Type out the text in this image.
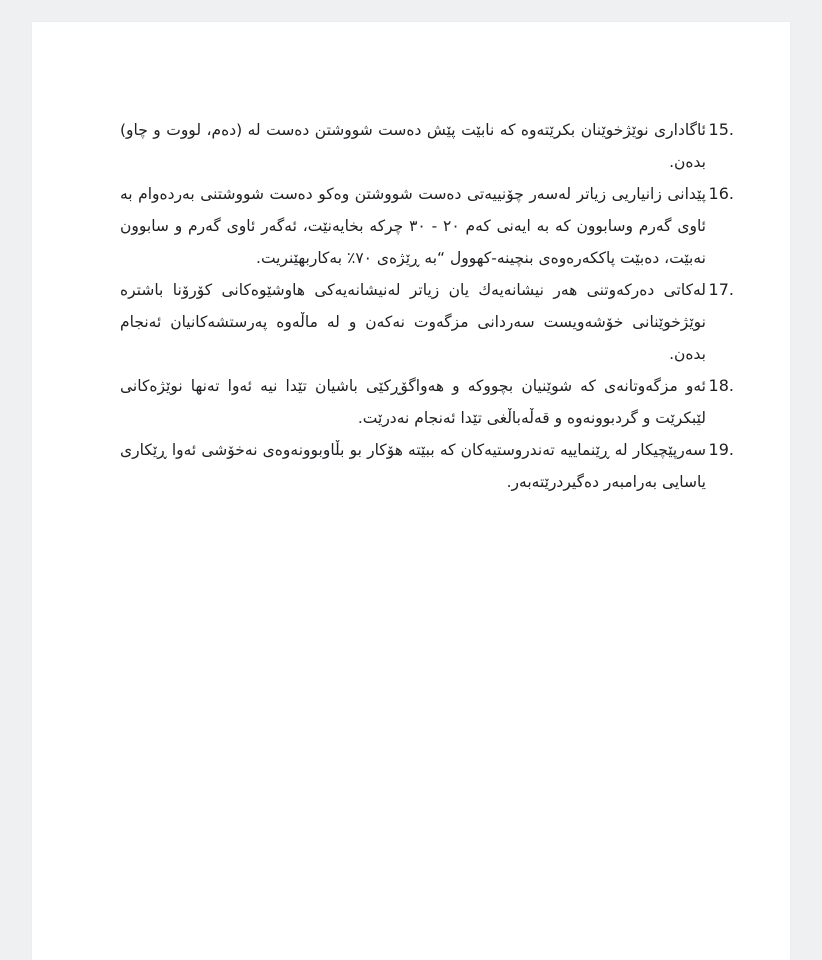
15.
ئاگاداری نوێژخوێنان بکرێتەوە کە نابێت پێش دەست شووشتن دەست لە (دەم، لووت و چاو) بدەن.
16.
پێدانی زانیاریی زیاتر لەسەر چۆنییەتی دەست شووشتن وەکو دەست شووشتنی بەردەوام بە ئاوی گەرم وسابوون کە بە ایەنی کەم ٢٠ - ٣٠ چرکە بخایەنێت، ئەگەر ئاوی گەرم و سابوون نەبێت، دەبێت پاککەرەوەی بنچینە-کهوول “بە ڕێژەی ٧٠٪ بەکاربهێنریت.
17.
لەکاتی دەرکەوتنی هەر نیشانەیەك یان زیاتر لەنیشانەیەکی هاوشێوەکانی کۆرۆنا باشترە نوێژخوێنانی خۆشەویست سەردانی مزگەوت نەکەن و لە ماڵەوە پەرستشەکانیان ئەنجام بدەن.
18.
ئەو مزگەوتانەی کە شوێنیان بچووکە و هەواگۆڕکێی باشیان تێدا نیە ئەوا تەنها نوێژەکانی لێبکرێت و گردبوونەوە و قەڵەباڵغی تێدا ئەنجام نەدرێت.
19.
سەرپێچیکار لە ڕێنماییە تەندروستیەکان کە ببێتە هۆکار بو بڵاوبوونەوەی نەخۆشی ئەوا ڕێکاری یاسایی بەرامبەر دەگیردرێتەبەر.
